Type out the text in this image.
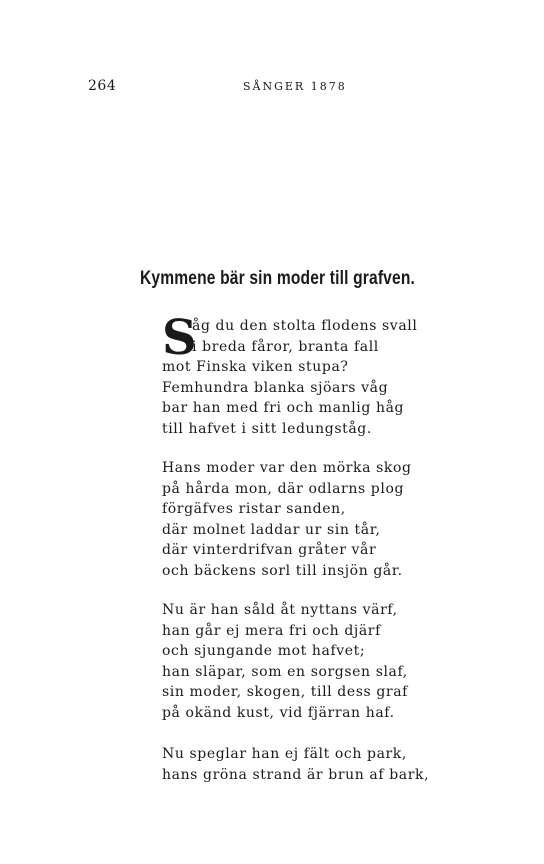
264	SÅNGER 1878
Kymmene bär sin moder till grafven.
S
åg du den stolta flodens svall
i breda fåror, branta fall
mot Finska viken stupa?
Femhundra blanka sjöars våg
bar han med fri och manlig håg
till hafvet i sitt ledungståg.
Hans moder var den mörka skog
på hårda mon, där odlarns plog
förgäfves ristar sanden,
där molnet laddar ur sin tår,
där vinterdrifvan gråter vår
och bäckens sorl till insjön går.
Nu är han såld åt nyttans värf,
han går ej mera fri och djärf
och sjungande mot hafvet;
han släpar, som en sorgsen slaf,
sin moder, skogen, till dess graf
på okänd kust, vid fjärran haf.
Nu speglar han ej fält och park,
hans gröna strand är brun af bark,
